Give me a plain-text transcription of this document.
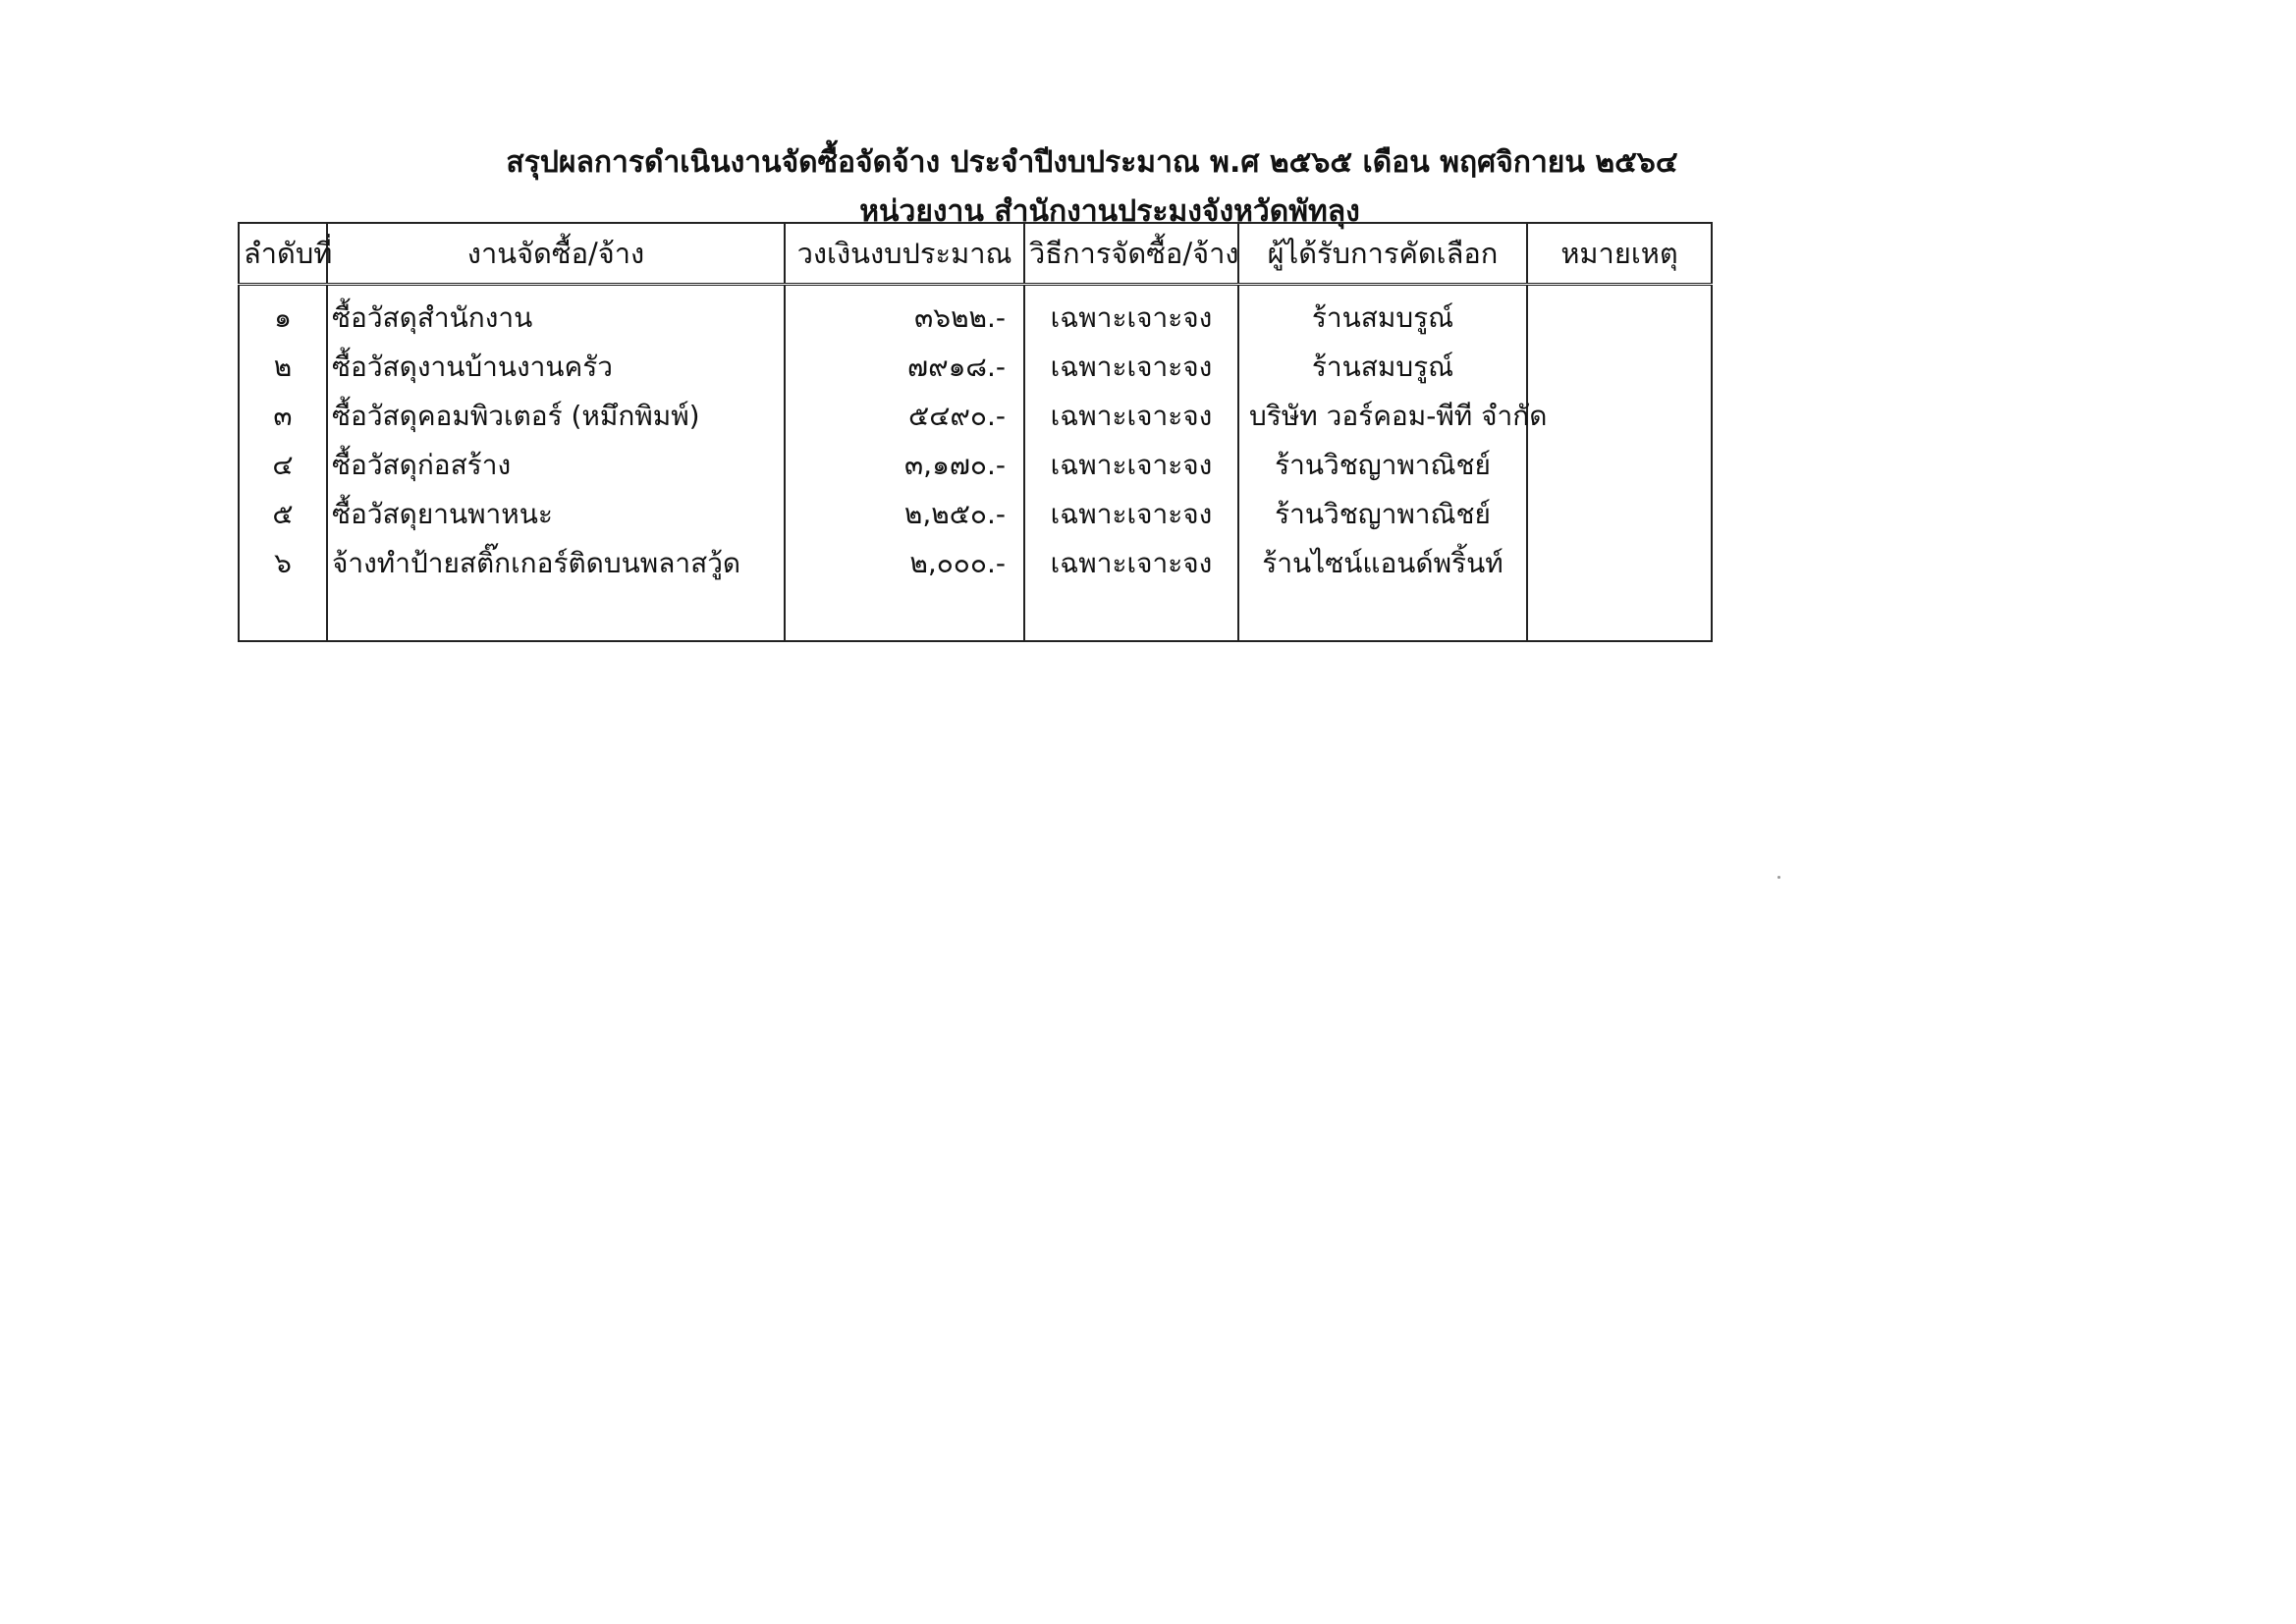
สรุปผลการดำเนินงานจัดซื้อจัดจ้าง ประจำปีงบประมาณ พ.ศ ๒๕๖๕ เดือน พฤศจิกายน ๒๕๖๔
หน่วยงาน สำนักงานประมงจังหวัดพัทลุง
ลำดับที่	งานจัดซื้อ/จ้าง	วงเงินงบประมาณ	วิธีการจัดซื้อ/จ้าง	ผู้ได้รับการคัดเลือก	หมายเหตุ
๑	ซื้อวัสดุสำนักงาน	๓๖๒๒.-	เฉพาะเจาะจง	ร้านสมบรูณ์	
๒	ซื้อวัสดุงานบ้านงานครัว	๗๙๑๘.-	เฉพาะเจาะจง	ร้านสมบรูณ์	
๓	ซื้อวัสดุคอมพิวเตอร์ (หมึกพิมพ์)	๕๔๙๐.-	เฉพาะเจาะจง	บริษัท วอร์คอม-พีที จำกัด	
๔	ซื้อวัสดุก่อสร้าง	๓,๑๗๐.-	เฉพาะเจาะจง	ร้านวิชญาพาณิชย์	
๕	ซื้อวัสดุยานพาหนะ	๒,๒๕๐.-	เฉพาะเจาะจง	ร้านวิชญาพาณิชย์	
๖	จ้างทำป้ายสติ๊กเกอร์ติดบนพลาสวู้ด	๒,๐๐๐.-	เฉพาะเจาะจง	ร้านไซน์แอนด์พริ้นท์	
